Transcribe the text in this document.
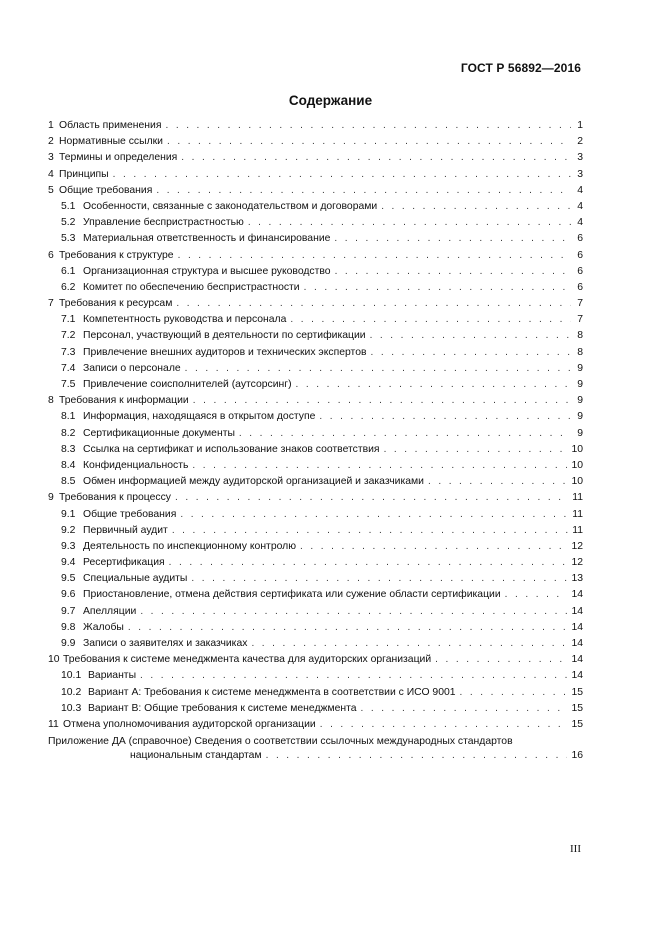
ГОСТ Р 56892—2016
Содержание
1 Область применения . . .	1
2 Нормативные ссылки . . .	2
3 Термины и определения . . .	3
4 Принципы . . .	3
5 Общие требования . . .	4
5.1 Особенности, связанные с законодательством и договорами . . .	4
5.2 Управление беспристрастностью . . .	4
5.3 Материальная ответственность и финансирование . . .	6
6 Требования к структуре . . .	6
6.1 Организационная структура и высшее руководство . . .	6
6.2 Комитет по обеспечению беспристрастности . . .	6
7 Требования к ресурсам . . .	7
7.1 Компетентность руководства и персонала . . .	7
7.2 Персонал, участвующий в деятельности по сертификации . . .	8
7.3 Привлечение внешних аудиторов и технических экспертов . . .	8
7.4 Записи о персонале . . .	9
7.5 Привлечение соисполнителей (аутсорсинг) . . .	9
8 Требования к информации . . .	9
8.1 Информация, находящаяся в открытом доступе . . .	9
8.2 Сертификационные документы . . .	9
8.3 Ссылка на сертификат и использование знаков соответствия . . .	10
8.4 Конфиденциальность . . .	10
8.5 Обмен информацией между аудиторской организацией и заказчиками . . .	10
9 Требования к процессу . . .	11
9.1 Общие требования . . .	11
9.2 Первичный аудит . . .	11
9.3 Деятельность по инспекционному контролю . . .	12
9.4 Ресертификация . . .	12
9.5 Специальные аудиты . . .	13
9.6 Приостановление, отмена действия сертификата или сужение области сертификации . . .	14
9.7 Апелляции . . .	14
9.8 Жалобы . . .	14
9.9 Записи о заявителях и заказчиках . . .	14
10 Требования к системе менеджмента качества для аудиторских организаций . . .	14
10.1 Варианты . . .	14
10.2 Вариант А: Требования к системе менеджмента в соответствии с ИСО 9001 . . .	15
10.3 Вариант В: Общие требования к системе менеджмента . . .	15
11 Отмена уполномочивания аудиторской организации . . .	15
Приложение ДА (справочное) Сведения о соответствии ссылочных международных стандартов
национальным стандартам . . .	16
III
